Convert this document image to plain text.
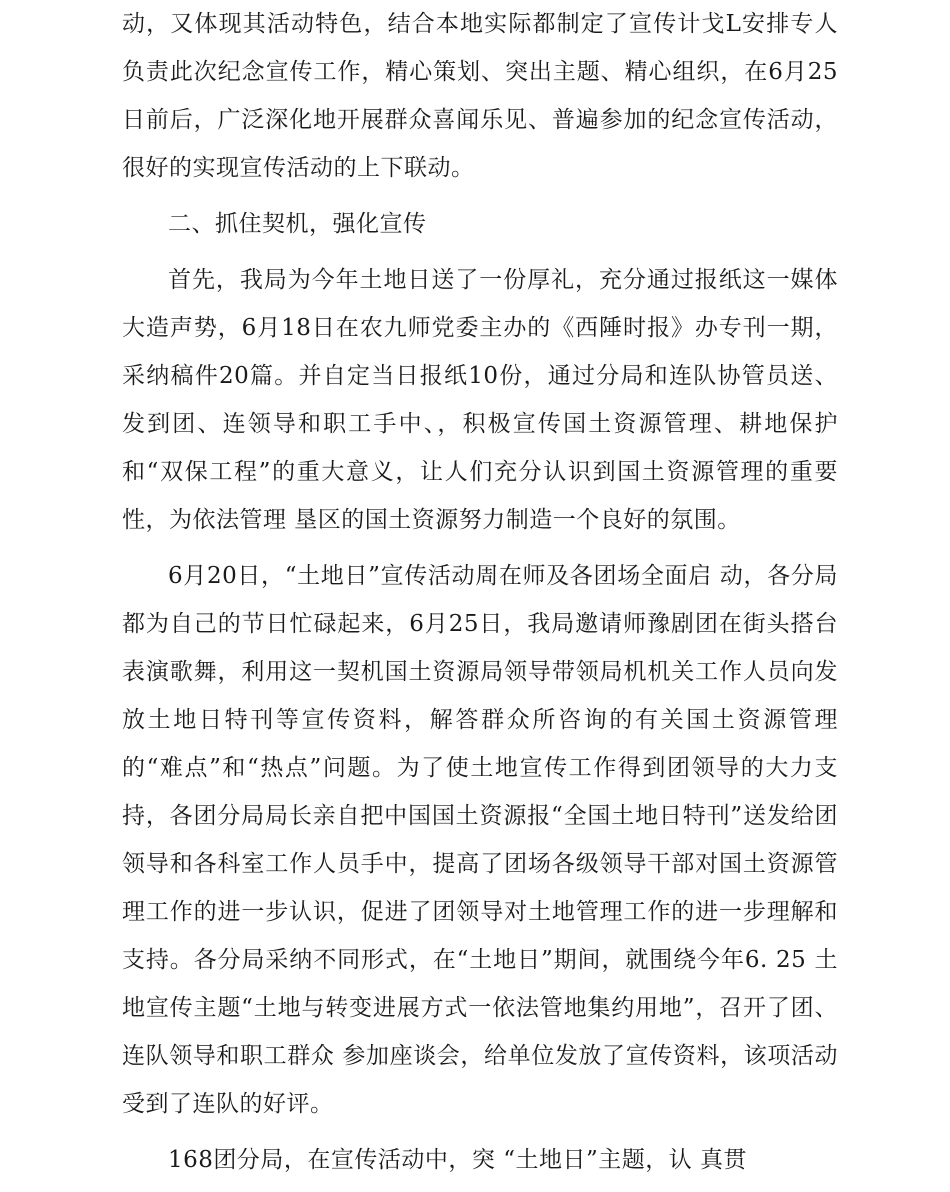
动，又体现其活动特色，结合本地实际都制定了宣传计戈L安排专人负责此次纪念宣传工作，精心策划、突出主题、精心组织，在6月25日前后，广泛深化地开展群众喜闻乐见、普遍参加的纪念宣传活动，很好的实现宣传活动的上下联动。

二、抓住契机，强化宣传

首先，我局为今年土地日送了一份厚礼，充分通过报纸这一媒体大造声势，6月18日在农九师党委主办的《西陲时报》办专刊一期，采纳稿件20篇。并自定当日报纸10份，通过分局和连队协管员送、发到团、连领导和职工手中、，积极宣传国土资源管理、耕地保护和“双保工程”的重大意义，让人们充分认识到国土资源管理的重要性，为依法管理 垦区的国土资源努力制造一个良好的氛围。

6月20日，“土地日”宣传活动周在师及各团场全面启 动，各分局都为自己的节日忙碌起来，6月25日，我局邀请师豫剧团在街头搭台表演歌舞，利用这一契机国土资源局领导带领局机机关工作人员向发放土地日特刊等宣传资料，解答群众所咨询的有关国土资源管理的“难点”和“热点”问题。为了使土地宣传工作得到团领导的大力支持，各团分局局长亲自把中国国土资源报“全国土地日特刊”送发给团领导和各科室工作人员手中，提高了团场各级领导干部对国土资源管理工作的进一步认识，促进了团领导对土地管理工作的进一步理解和支持。各分局采纳不同形式，在“土地日”期间，就围绕今年6. 25 土地宣传主题“土地与转变进展方式一依法管地集约用地”，召开了团、连队领导和职工群众 参加座谈会，给单位发放了宣传资料，该项活动受到了连队的好评。

168团分局，在宣传活动中，突 “土地日”主题，认 真贯
